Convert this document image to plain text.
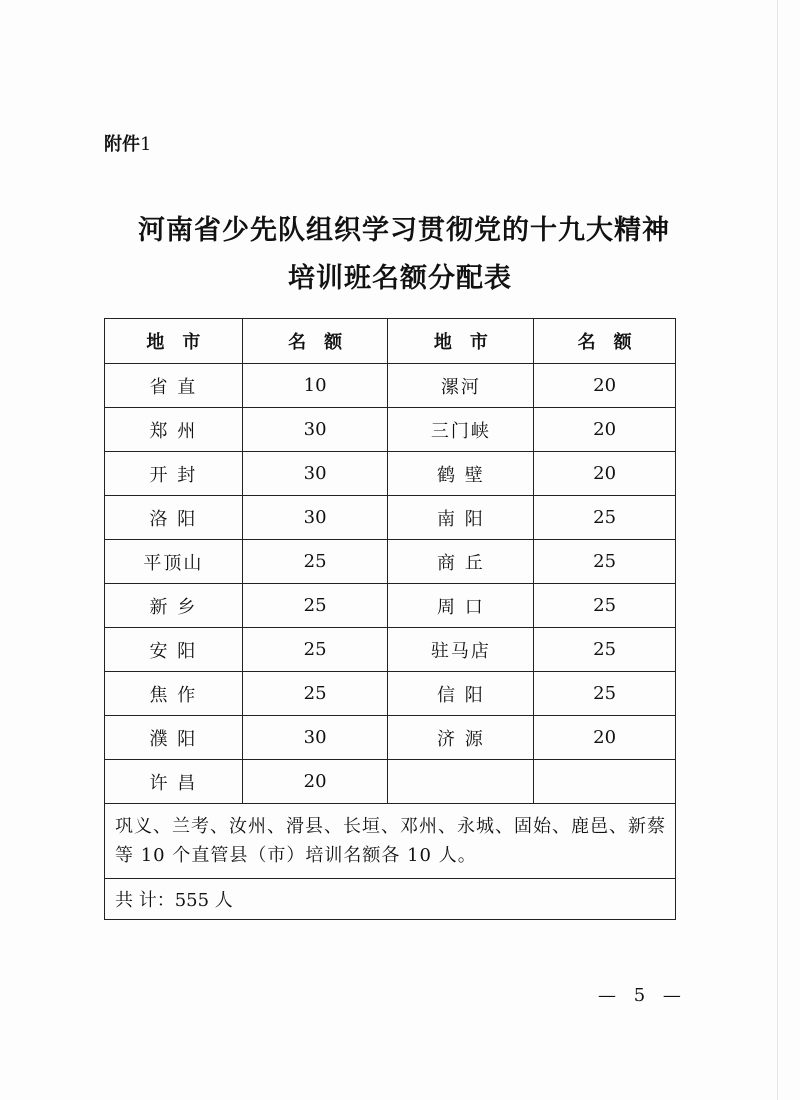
附件1
河南省少先队组织学习贯彻党的十九大精神
培训班名额分配表
地市	名额	地市	名额
省 直	10	漯河	20
郑 州	30	三门峡	20
开 封	30	鹤 壁	20
洛 阳	30	南 阳	25
平顶山	25	商 丘	25
新 乡	25	周 口	25
安 阳	25	驻马店	25
焦 作	25	信 阳	25
濮 阳	30	济 源	20
许 昌	20		
巩义、兰考、汝州、滑县、长垣、邓州、永城、固始、鹿邑、新蔡等 10 个直管县（市）培训名额各 10 人。			
共 计：555 人			
— 5 —
